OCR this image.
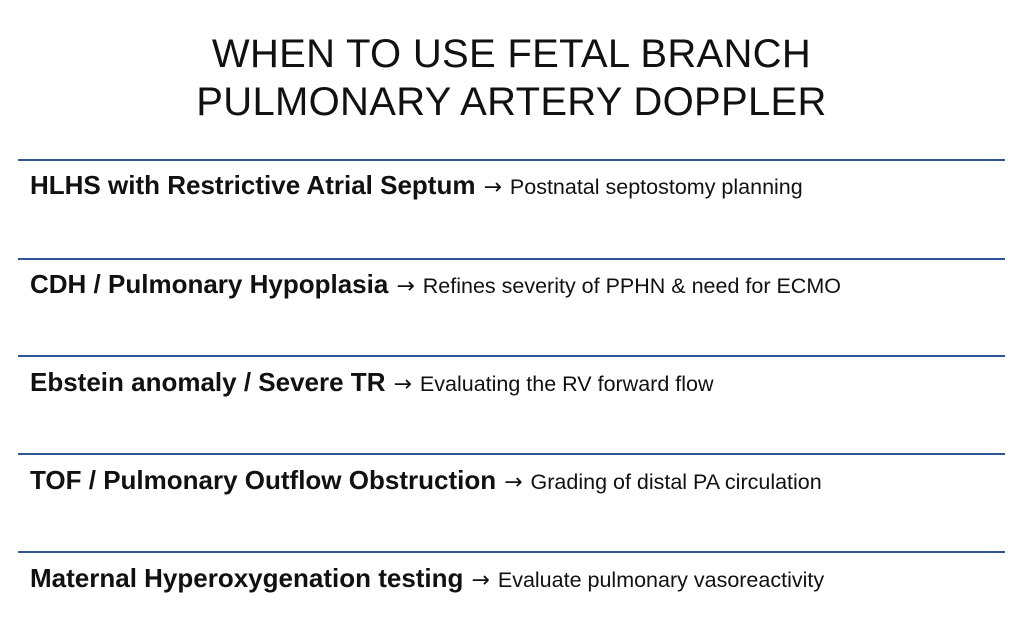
WHEN TO USE FETAL BRANCH
PULMONARY ARTERY DOPPLER
HLHS with Restrictive Atrial Septum → Postnatal septostomy planning
CDH / Pulmonary Hypoplasia → Refines severity of PPHN & need for ECMO
Ebstein anomaly / Severe TR → Evaluating the RV forward flow
TOF / Pulmonary Outflow Obstruction → Grading of distal PA circulation
Maternal Hyperoxygenation testing → Evaluate pulmonary vasoreactivity
